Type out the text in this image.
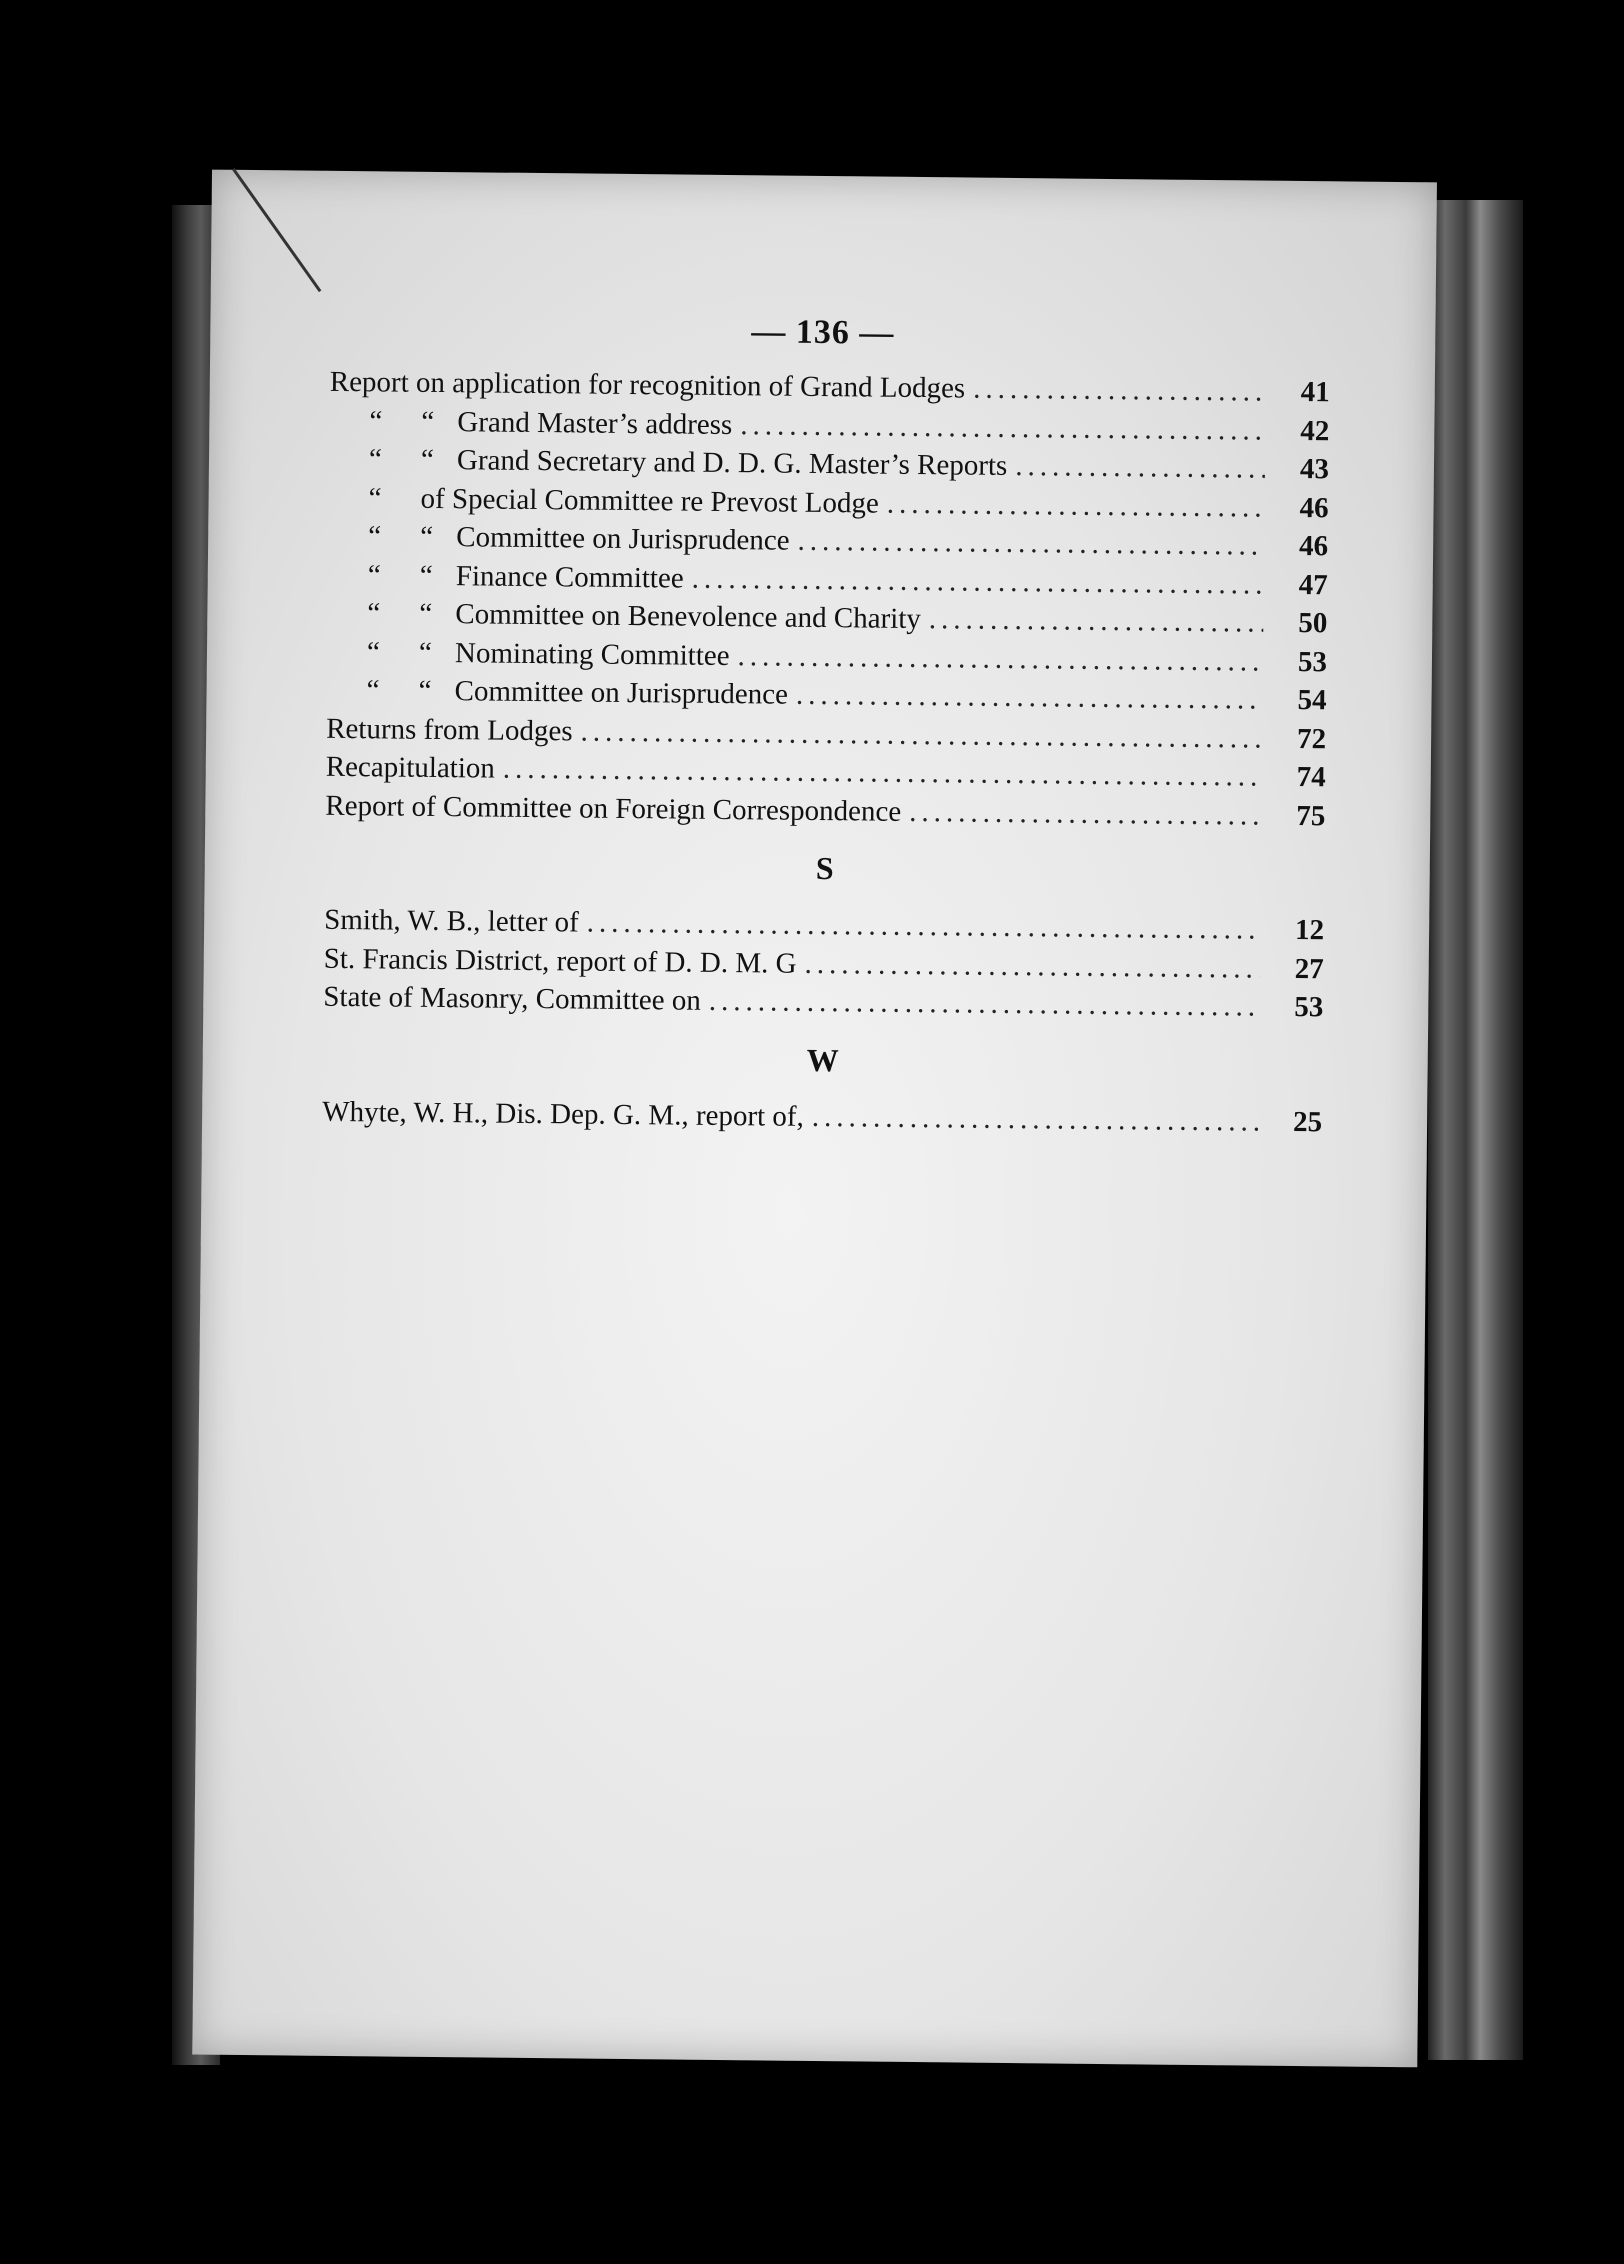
— 136 —
Report on application for recognition of Grand Lodges .....	41
“	“ Grand Master’s address .....	42
“	“ Grand Secretary and D. D. G. Master’s Reports .....	43
“	of Special Committee re Prevost Lodge .....	46
“	“ Committee on Jurisprudence .....	46
“	“ Finance Committee .....	47
“	“ Committee on Benevolence and Charity .....	50
“	“ Nominating Committee .....	53
“	“ Committee on Jurisprudence .....	54
Returns from Lodges .....	72
Recapitulation .....	74
Report of Committee on Foreign Correspondence .....	75
S
Smith, W. B., letter of .....	12
St. Francis District, report of D. D. M. G .....	27
State of Masonry, Committee on .....	53
W
Whyte, W. H., Dis. Dep. G. M., report of, .....	25
